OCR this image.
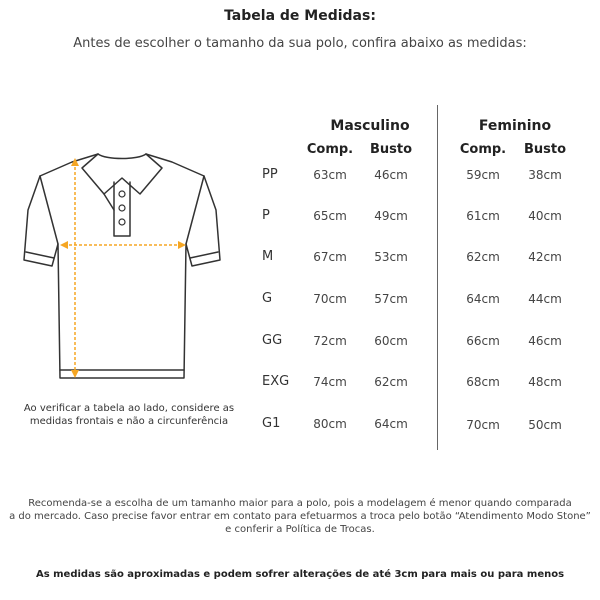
Tabela de Medidas:
Antes de escolher o tamanho da sua polo, confira abaixo as medidas:
Ao verificar a tabela ao lado, considere as
medidas frontais e não a circunferência
Masculino	Feminino
Comp.	Busto	Comp.	Busto
PP	63cm	46cm	59cm	38cm
P	65cm	49cm	61cm	40cm
M	67cm	53cm	62cm	42cm
G	70cm	57cm	64cm	44cm
GG	72cm	60cm	66cm	46cm
EXG	74cm	62cm	68cm	48cm
G1	80cm	64cm	70cm	50cm
Recomenda-se a escolha de um tamanho maior para a polo, pois a modelagem é menor quando comparada
a do mercado. Caso precise favor entrar em contato para efetuarmos a troca pelo botão “Atendimento Modo Stone”
e conferir a Política de Trocas.
As medidas são aproximadas e podem sofrer alterações de até 3cm para mais ou para menos
